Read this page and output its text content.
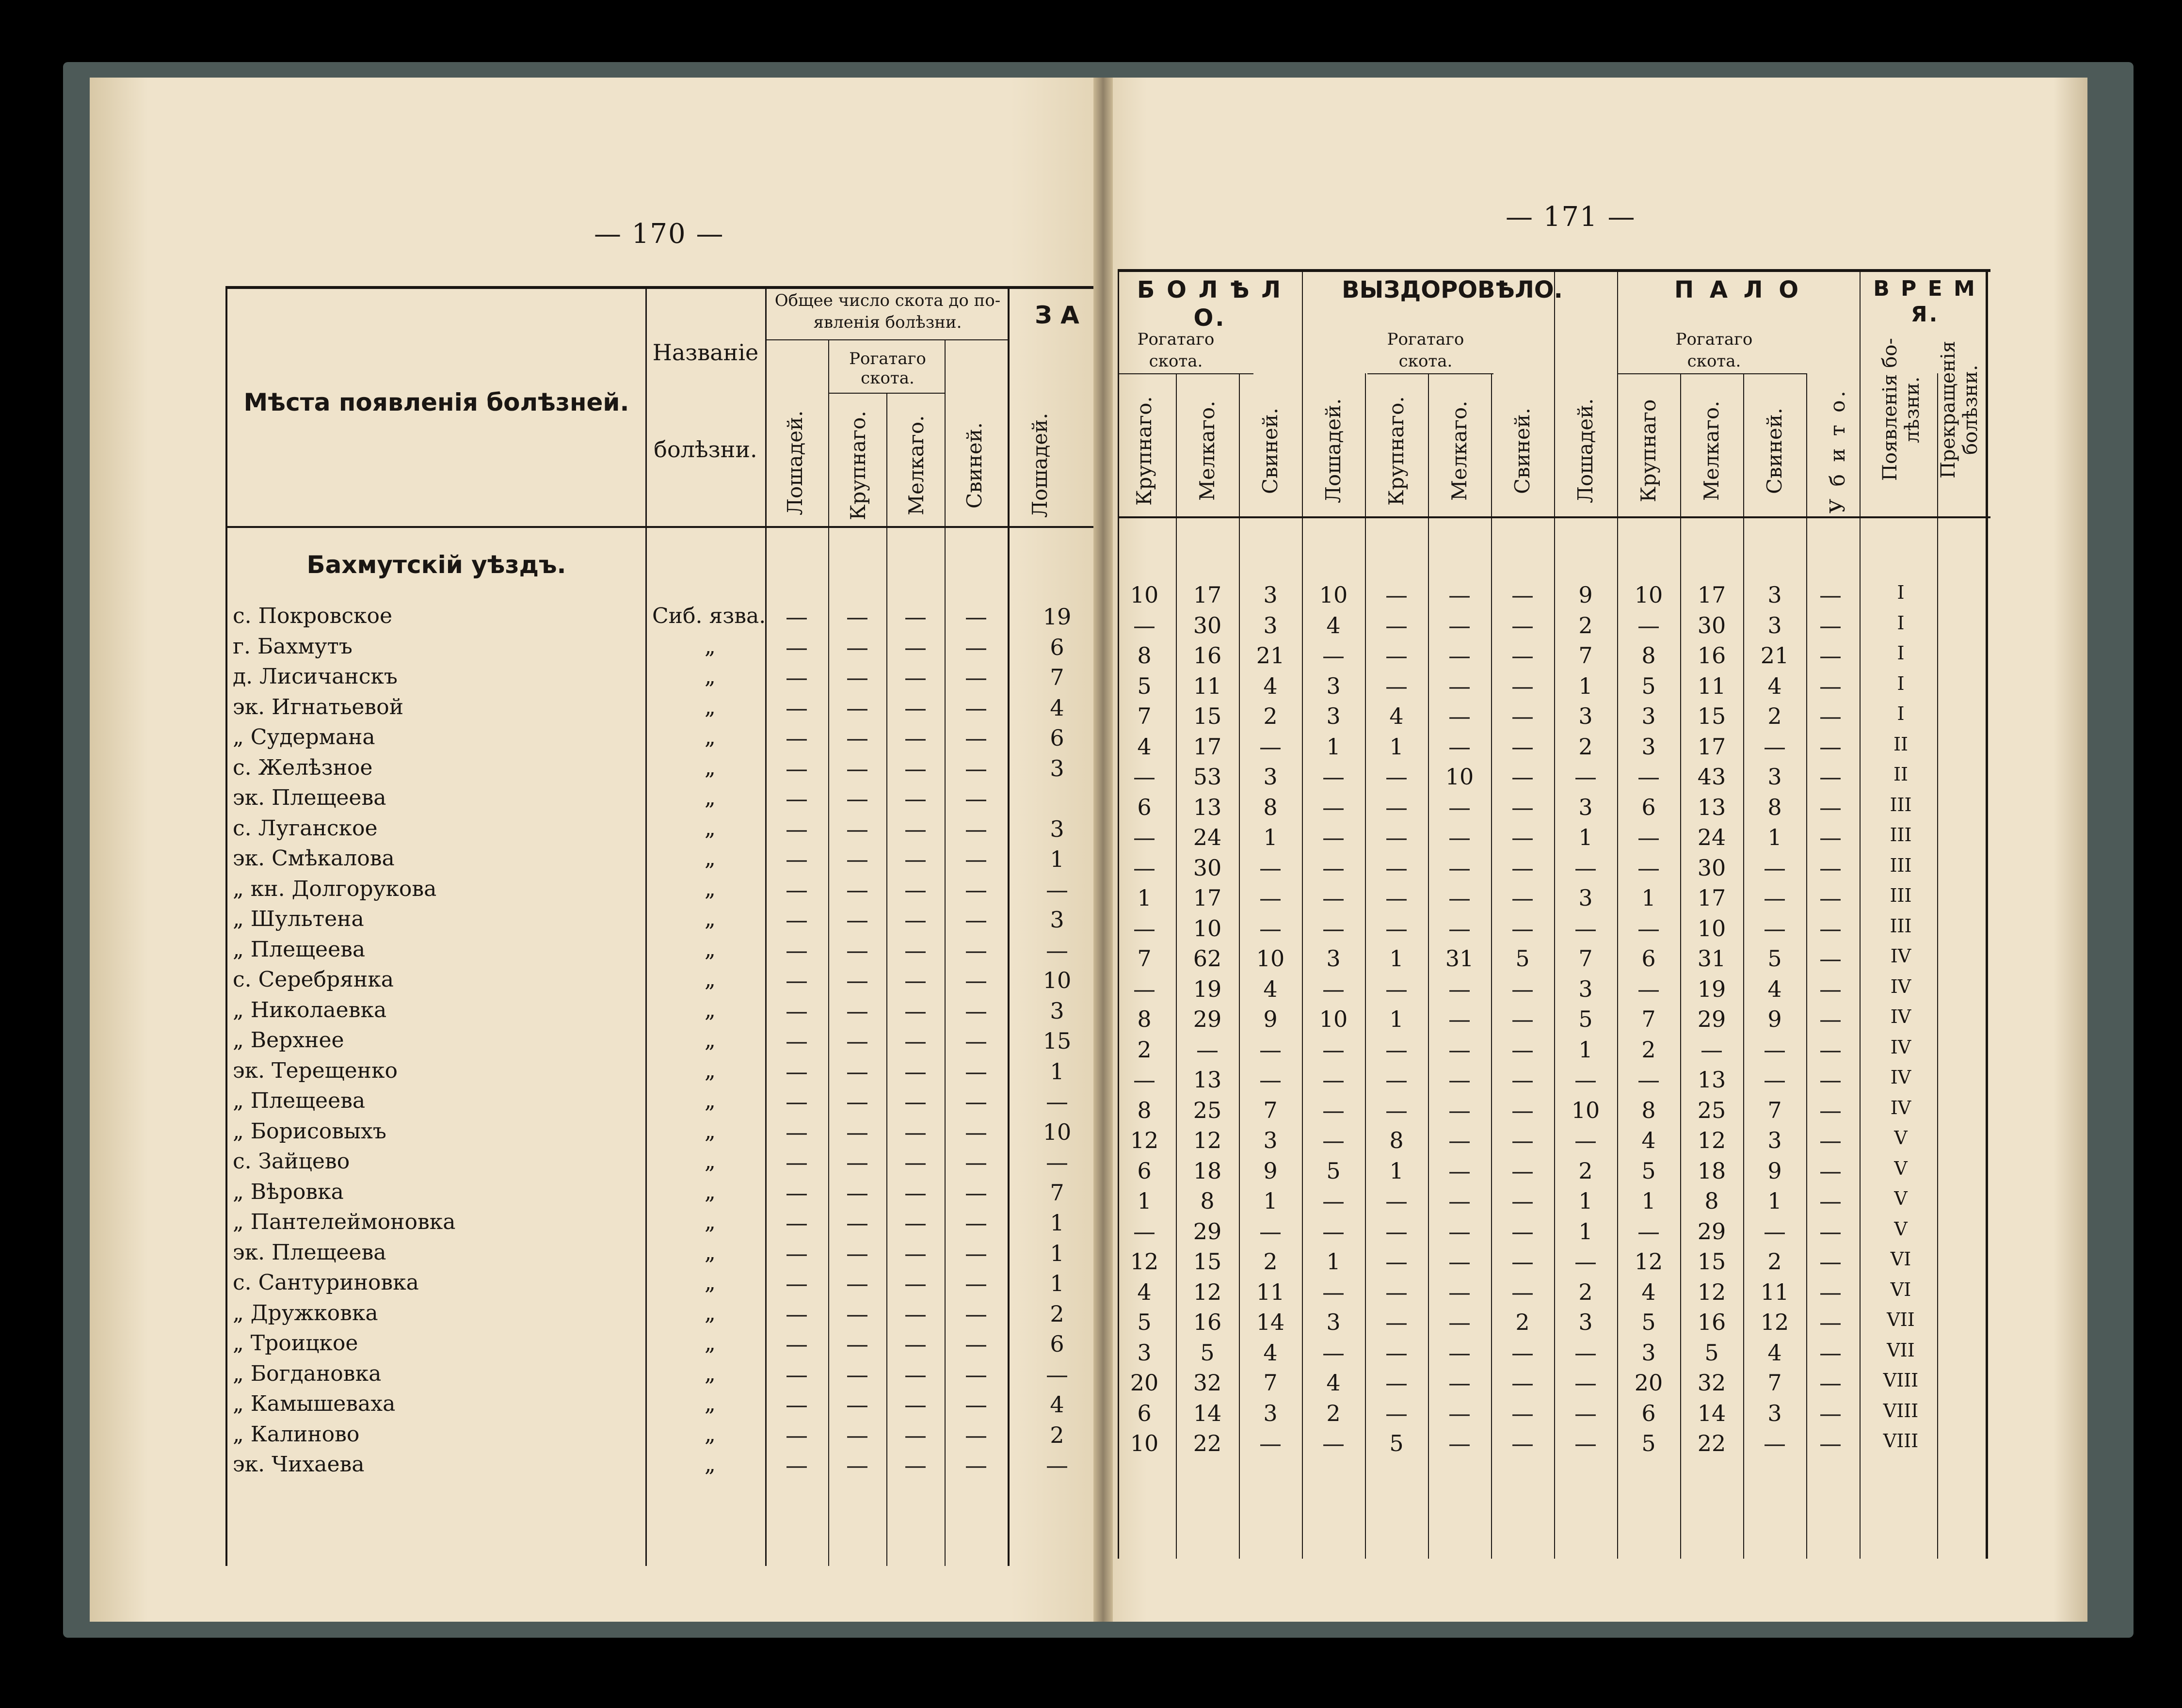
— 170 —
Мѣста появленія болѣзней.
Названіе
болѣзни.
Общее число скота до по-
явленія болѣзни.
Рогатаго
скота.
Лошадей. Крупнаго. Мелкаго. Свиней.
З А
Лошадей.
Бахмутскій уѣздъ.
с. Покровское	Сиб. язва. —	—	—	—	19
г. Бахмутъ	„	—	—	—	—	6
д. Лисичанскъ	„	—	—	—	—	7
эк. Игнатьевой	„	—	—	—	—	4
„ Судермана	„	—	—	—	—	6
с. Желѣзное	„	—	—	—	—	3
эк. Плещеева	„	—	—	—	—
с. Луганское	„	—	—	—	—	3
эк. Смѣкалова	„	—	—	—	—	1
„ кн. Долгорукова	„	—	—	—	—	—
„ Шультена	„	—	—	—	—	3
„ Плещеева	„	—	—	—	—	—
с. Серебрянка	„	—	—	—	—	10
„ Николаевка	„	—	—	—	—	3
„ Верхнее	„	—	—	—	—	15
эк. Терещенко	„	—	—	—	—	1
„ Плещеева	„	—	—	—	—	—
„ Борисовыхъ	„	—	—	—	—	10
с. Зайцево	„	—	—	—	—	—
„ Вѣровка	„	—	—	—	—	7
„ Пантелеймоновка	„	—	—	—	—	1
эк. Плещеева	„	—	—	—	—	1
с. Сантуриновка	„	—	—	—	—	1
„ Дружковка	„	—	—	—	—	2
„ Троицкое	„	—	—	—	—	6
„ Богдановка	„	—	—	—	—	—
„ Камышеваха	„	—	—	—	—	4
„ Калиново	„	—	—	—	—	2
эк. Чихаева	„	—	—	—	—	—
— 171 —
Б О Л Ѣ Л О.
ВЫЗДОРОВѢЛО.	П А Л О	В Р Е М Я.
Рогатаго
скота.
Рогатаго
скота.
Рогатаго
скота.
Крупнаго. Мелкаго. Свиней. Лошадей. Крупнаго. Мелкаго. Свиней. Лошадей. Крупнаго Мелкаго. Свиней. У б и т о. Появленія бо-лѣзни. Прекращенія болѣзни.
10	17	3	10	—	—	—	9	10	17	3	—	I
—	30	3	4	—	—	—	2	—	30	3	—	I
8	16	21	—	—	—	—	7	8	16	21	—	I
5	11	4	3	—	—	—	1	5	11	4	—	I
7	15	2	3	4	—	—	3	3	15	2	—	I
4	17	—	1	1	—	—	2	3	17	—	—	II
—	53	3	—	—	10	—	—	—	43	3	—	II
6	13	8	—	—	—	—	3	6	13	8	—	III
—	24	1	—	—	—	—	1	—	24	1	—	III
—	30	—	—	—	—	—	—	—	30	—	—	III
1	17	—	—	—	—	—	3	1	17	—	—	III
—	10	—	—	—	—	—	—	—	10	—	—	III
7	62	10	3	1	31	5	7	6	31	5	—	IV
—	19	4	—	—	—	—	3	—	19	4	—	IV
8	29	9	10	1	—	—	5	7	29	9	—	IV
2	—	—	—	—	—	—	1	2	—	—	—	IV
—	13	—	—	—	—	—	—	—	13	—	—	IV
8	25	7	—	—	—	—	10	8	25	7	—	IV
12	12	3	—	8	—	—	—	4	12	3	—	V
6	18	9	5	1	—	—	2	5	18	9	—	V
1	8	1	—	—	—	—	1	1	8	1	—	V
—	29	—	—	—	—	—	1	—	29	—	—	V
12	15	2	1	—	—	—	—	12	15	2	—	VI
4	12	11	—	—	—	—	2	4	12	11	—	VI
5	16	14	3	—	—	2	3	5	16	12	—	VII
3	5	4	—	—	—	—	—	3	5	4	—	VII
20	32	7	4	—	—	—	—	20	32	7	—	VIII
6	14	3	2	—	—	—	—	6	14	3	—	VIII
10	22	—	—	5	—	—	—	5	22	—	—	VIII
